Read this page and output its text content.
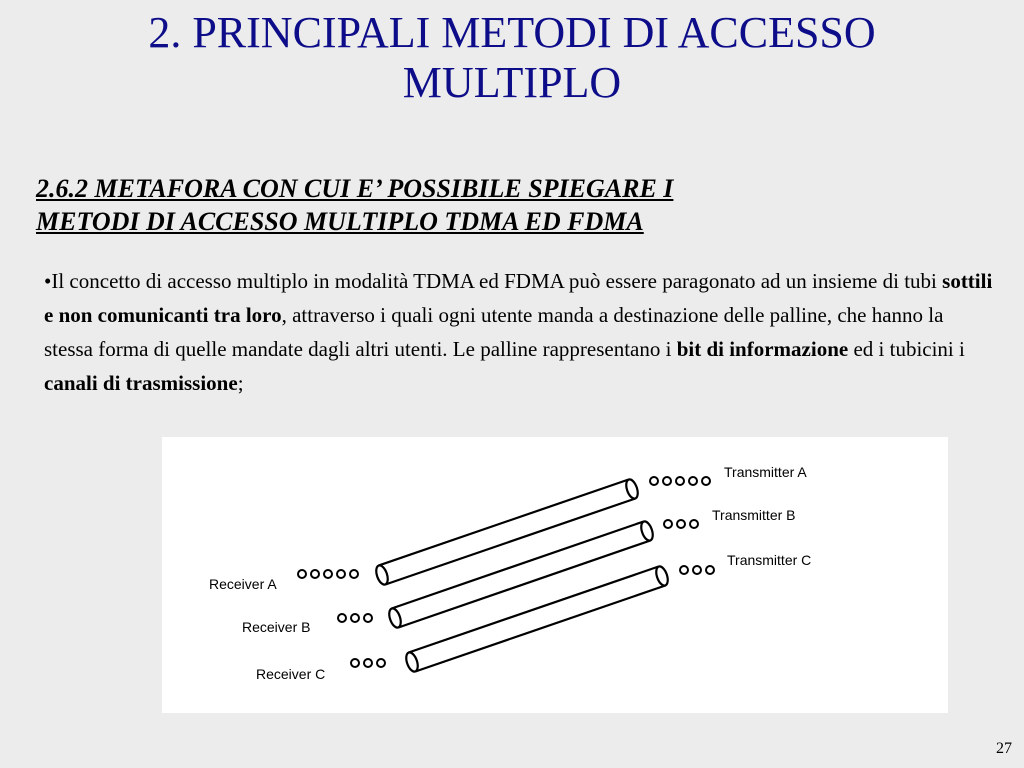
2. PRINCIPALI METODI DI ACCESSO
MULTIPLO
2.6.2 METAFORA CON CUI E’ POSSIBILE SPIEGARE I
METODI DI ACCESSO MULTIPLO TDMA ED FDMA

•Il concetto di accesso multiplo in modalità TDMA ed FDMA può essere paragonato ad un insieme di tubi sottili e non comunicanti tra loro, attraverso i quali ogni utente manda a destinazione delle palline, che hanno la stessa forma di quelle mandate dagli altri utenti. Le palline rappresentano i bit di informazione ed i tubicini i canali di trasmissione;

Transmitter A
Transmitter B
Transmitter C
Receiver A
Receiver B
Receiver C
27
